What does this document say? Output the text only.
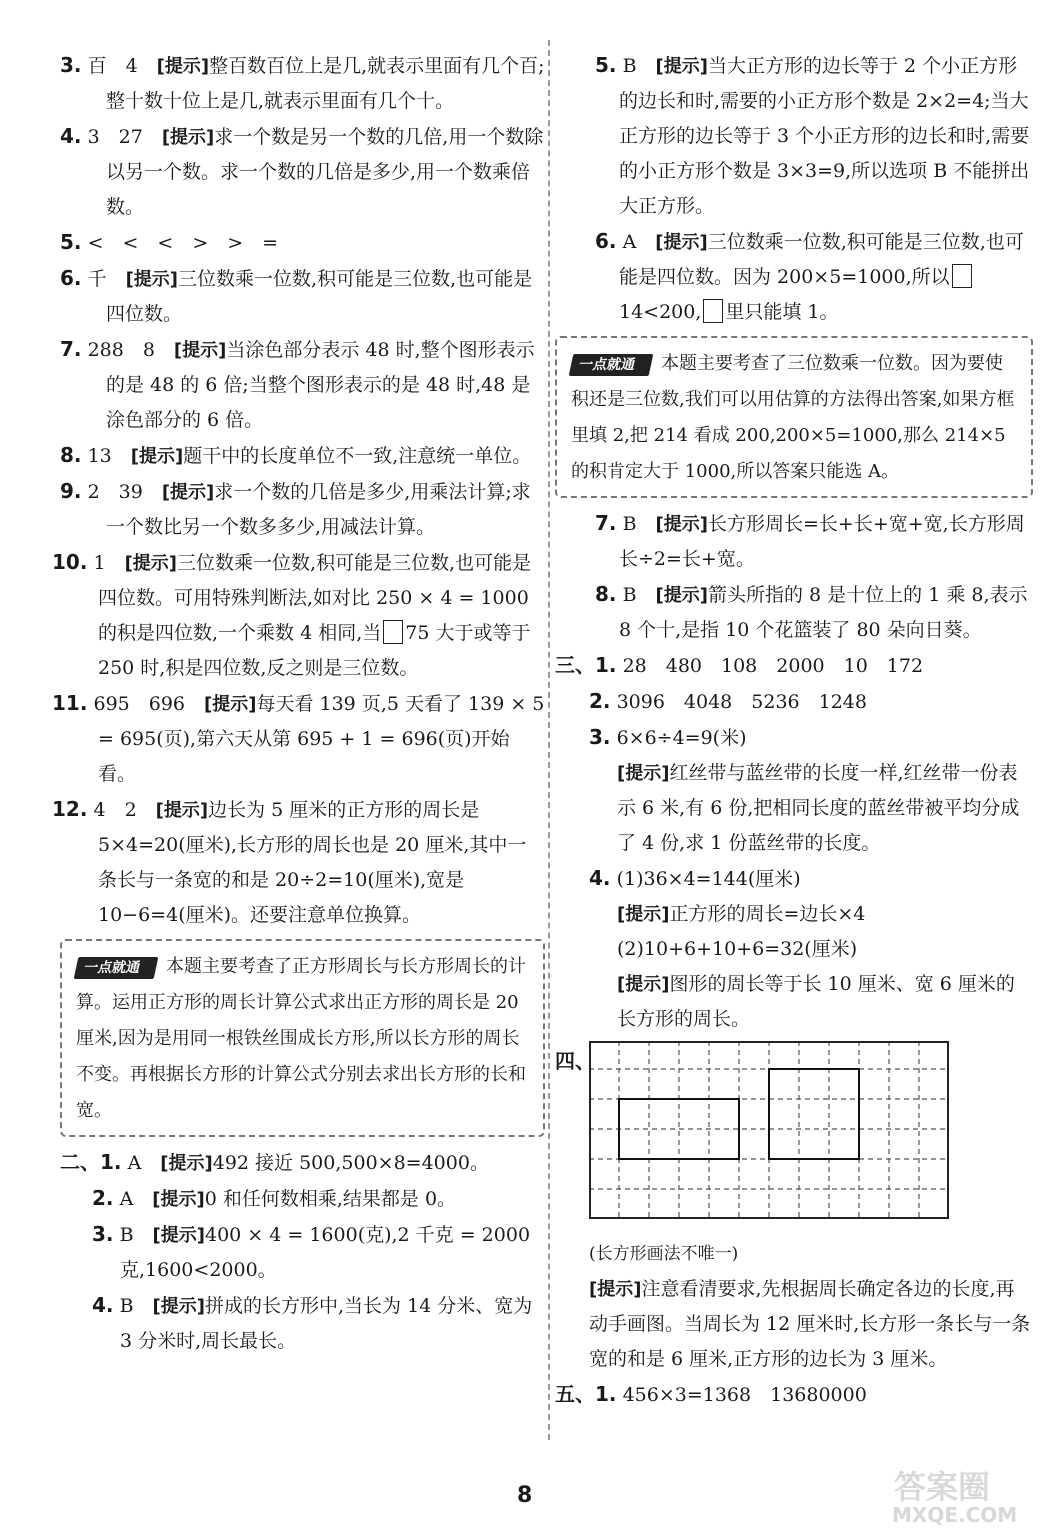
3. 百　4　[提示]整百数百位上是几,就表示里面有几个百;整十数十位上是几,就表示里面有几个十。

4. 3　27　[提示]求一个数是另一个数的几倍,用一个数除以另一个数。求一个数的几倍是多少,用一个数乘倍数。

5. <　<　<　>　>　=

6. 千　[提示]三位数乘一位数,积可能是三位数,也可能是四位数。

7. 288　8　[提示]当涂色部分表示 48 时,整个图形表示的是 48 的 6 倍;当整个图形表示的是 48 时,48 是涂色部分的 6 倍。

8. 13　[提示]题干中的长度单位不一致,注意统一单位。

9. 2　39　[提示]求一个数的几倍是多少,用乘法计算;求一个数比另一个数多多少,用减法计算。

10. 1　[提示]三位数乘一位数,积可能是三位数,也可能是四位数。可用特殊判断法,如对比 250 × 4 = 1000 的积是四位数,一个乘数 4 相同,当 75 大于或等于 250 时,积是四位数,反之则是三位数。

11. 695　696　[提示]每天看 139 页,5 天看了 139 × 5 = 695(页),第六天从第 695 + 1 = 696(页)开始看。

12. 4　2　[提示]边长为 5 厘米的正方形的周长是 5×4=20(厘米),长方形的周长也是 20 厘米,其中一条长与一条宽的和是 20÷2=10(厘米),宽是 10−6=4(厘米)。还要注意单位换算。

一点就通 本题主要考查了正方形周长与长方形周长的计算。运用正方形的周长计算公式求出正方形的周长是 20 厘米,因为是用同一根铁丝围成长方形,所以长方形的周长不变。再根据长方形的计算公式分别去求出长方形的长和宽。

二、1. A　[提示]492 接近 500,500×8=4000。

2. A　[提示]0 和任何数相乘,结果都是 0。

3. B　[提示]400 × 4 = 1600(克),2 千克 = 2000 克,1600<2000。

4. B　[提示]拼成的长方形中,当长为 14 分米、宽为 3 分米时,周长最长。

5. B　[提示]当大正方形的边长等于 2 个小正方形的边长和时,需要的小正方形个数是 2×2=4;当大正方形的边长等于 3 个小正方形的边长和时,需要的小正方形个数是 3×3=9,所以选项 B 不能拼出大正方形。

6. A　[提示]三位数乘一位数,积可能是三位数,也可能是四位数。因为 200×5=1000,所以14<200, 里只能填 1。

一点就通 本题主要考查了三位数乘一位数。因为要使积还是三位数,我们可以用估算的方法得出答案,如果方框里填 2,把 214 看成 200,200×5=1000,那么 214×5 的积肯定大于 1000,所以答案只能选 A。

7. B　[提示]长方形周长=长+长+宽+宽,长方形周长÷2=长+宽。

8. B　[提示]箭头所指的 8 是十位上的 1 乘 8,表示 8 个十,是指 10 个花篮装了 80 朵向日葵。

三、1. 28　480　108　2000　10　172

2. 3096　4048　5236　1248

3. 6×6÷4=9(米)

[提示]红丝带与蓝丝带的长度一样,红丝带一份表示 6 米,有 6 份,把相同长度的蓝丝带被平均分成了 4 份,求 1 份蓝丝带的长度。

4. (1)36×4=144(厘米)

[提示]正方形的周长=边长×4

(2)10+6+10+6=32(厘米)

[提示]图形的周长等于长 10 厘米、宽 6 厘米的长方形的周长。

四、

(长方形画法不唯一)

[提示]注意看清要求,先根据周长确定各边的长度,再动手画图。当周长为 12 厘米时,长方形一条长与一条宽的和是 6 厘米,正方形的边长为 3 厘米。

五、1. 456×3=1368　13680000

8	答案圈
MXQE.COM
